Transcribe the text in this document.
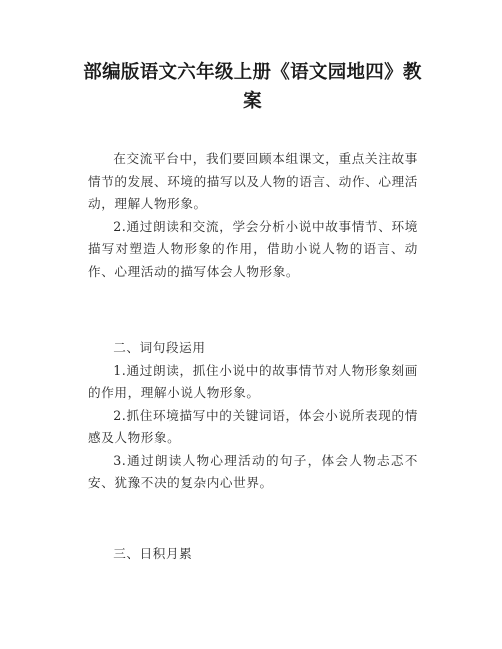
部编版语文六年级上册《语文园地四》教案

在交流平台中，我们要回顾本组课文，重点关注故事情节的发展、环境的描写以及人物的语言、动作、心理活动，理解人物形象。

2.通过朗读和交流，学会分析小说中故事情节、环境描写对塑造人物形象的作用，借助小说人物的语言、动作、心理活动的描写体会人物形象。

二、词句段运用

1.通过朗读，抓住小说中的故事情节对人物形象刻画的作用，理解小说人物形象。

2.抓住环境描写中的关键词语，体会小说所表现的情感及人物形象。

3.通过朗读人物心理活动的句子，体会人物忐忑不安、犹豫不决的复杂内心世界。

三、日积月累
